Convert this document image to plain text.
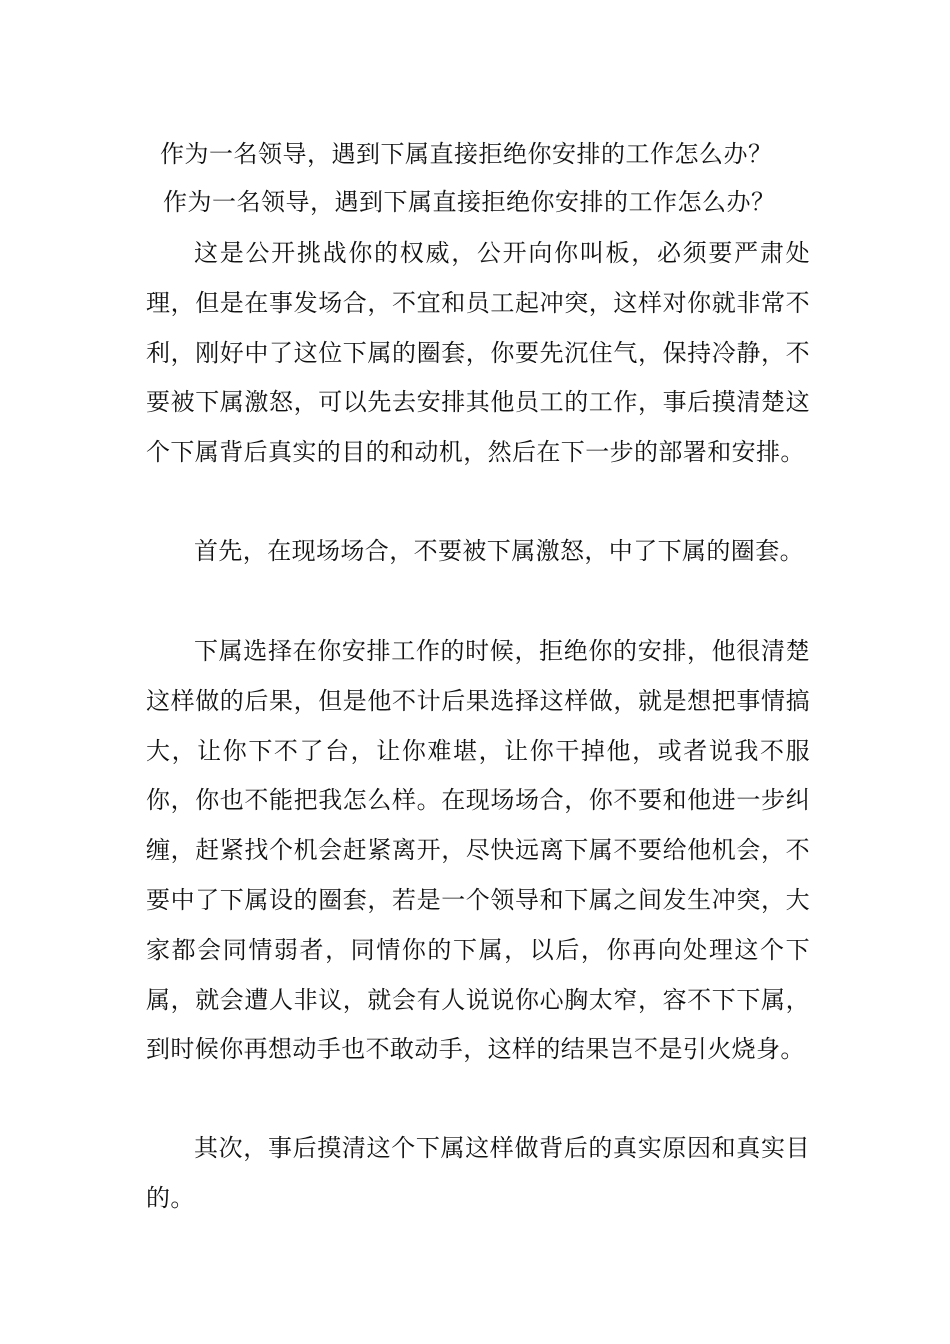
作为一名领导，遇到下属直接拒绝你安排的工作怎么办？
作为一名领导，遇到下属直接拒绝你安排的工作怎么办？

这是公开挑战你的权威，公开向你叫板，必须要严肃处理，但是在事发场合，不宜和员工起冲突，这样对你就非常不利，刚好中了这位下属的圈套，你要先沉住气，保持冷静，不要被下属激怒，可以先去安排其他员工的工作，事后摸清楚这个下属背后真实的目的和动机，然后在下一步的部署和安排。

首先，在现场场合，不要被下属激怒，中了下属的圈套。

下属选择在你安排工作的时候，拒绝你的安排，他很清楚这样做的后果，但是他不计后果选择这样做，就是想把事情搞大，让你下不了台，让你难堪，让你干掉他，或者说我不服你，你也不能把我怎么样。在现场场合，你不要和他进一步纠缠，赶紧找个机会赶紧离开，尽快远离下属不要给他机会，不要中了下属设的圈套，若是一个领导和下属之间发生冲突，大家都会同情弱者，同情你的下属，以后，你再向处理这个下属，就会遭人非议，就会有人说说你心胸太窄，容不下下属，到时候你再想动手也不敢动手，这样的结果岂不是引火烧身。

其次，事后摸清这个下属这样做背后的真实原因和真实目的。
